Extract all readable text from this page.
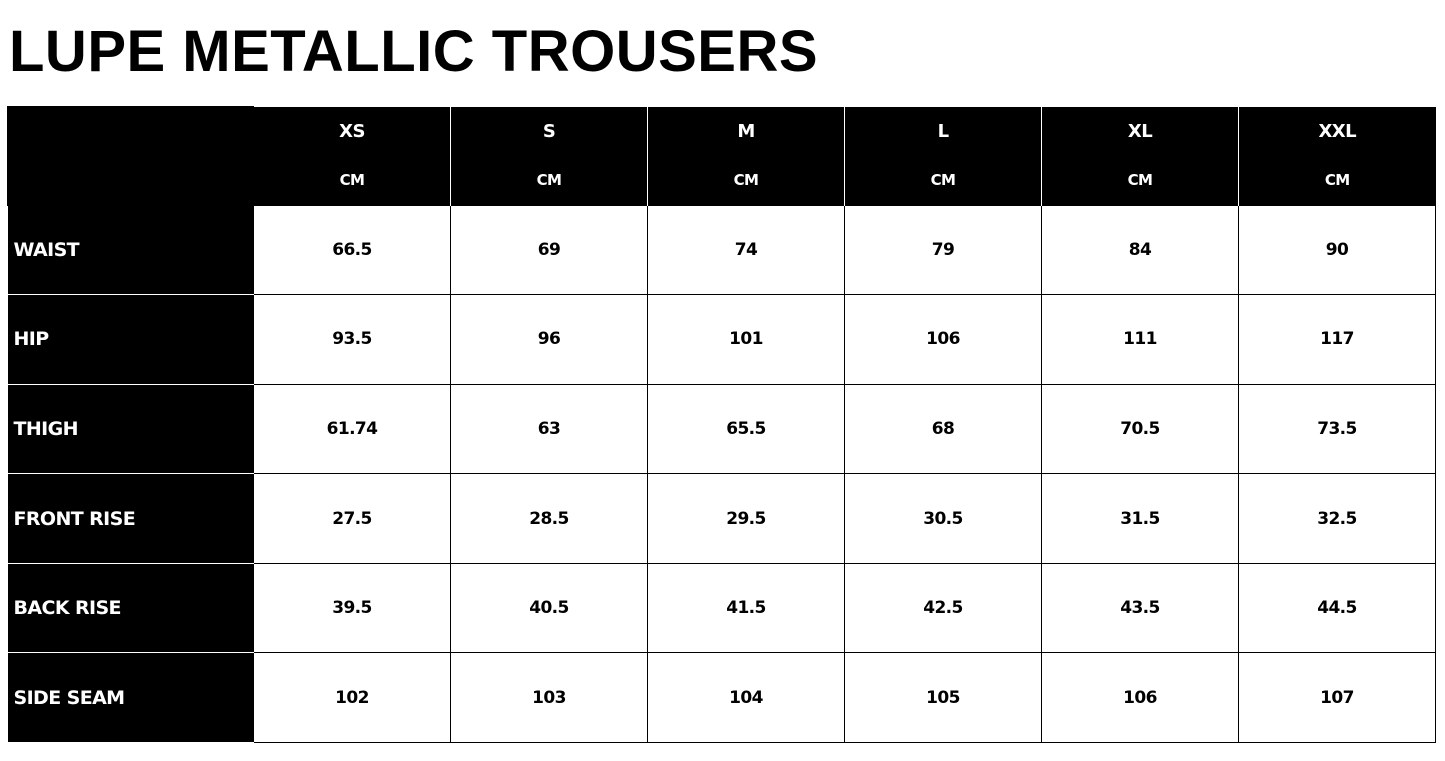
LUPE METALLIC TROUSERS
	XS	S	M	L	XL	XXL
	CM	CM	CM	CM	CM	CM
WAIST	66.5	69	74	79	84	90
HIP	93.5	96	101	106	111	117
THIGH	61.74	63	65.5	68	70.5	73.5
FRONT RISE	27.5	28.5	29.5	30.5	31.5	32.5
BACK RISE	39.5	40.5	41.5	42.5	43.5	44.5
SIDE SEAM	102	103	104	105	106	107
